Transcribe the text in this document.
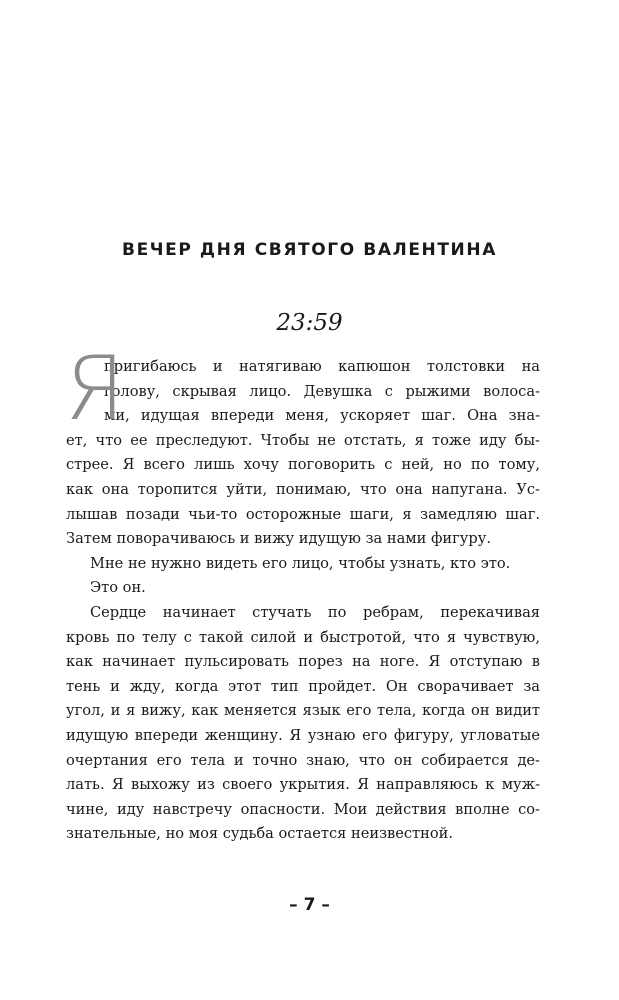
ВЕЧЕР ДНЯ СВЯТОГО ВАЛЕНТИНА
23:59
Я
пригибаюсь и натягиваю капюшон толстовки на
голову, скрывая лицо. Девушка с рыжими волоса-
ми, идущая впереди меня, ускоряет шаг. Она зна-
ет, что ее преследуют. Чтобы не отстать, я тоже иду бы-
стрее. Я всего лишь хочу поговорить с ней, но по тому,
как она торопится уйти, понимаю, что она напугана. Ус-
лышав позади чьи-то осторожные шаги, я замедляю шаг.
Затем поворачиваюсь и вижу идущую за нами фигуру.
Мне не нужно видеть его лицо, чтобы узнать, кто это.
Это он.
Сердце начинает стучать по ребрам, перекачивая
кровь по телу с такой силой и быстротой, что я чувствую,
как начинает пульсировать порез на ноге. Я отступаю в
тень и жду, когда этот тип пройдет. Он сворачивает за
угол, и я вижу, как меняется язык его тела, когда он видит
идущую впереди женщину. Я узнаю его фигуру, угловатые
очертания его тела и точно знаю, что он собирается де-
лать. Я выхожу из своего укрытия. Я направляюсь к муж-
чине, иду навстречу опасности. Мои действия вполне со-
знательные, но моя судьба остается неизвестной.
– 7 –
